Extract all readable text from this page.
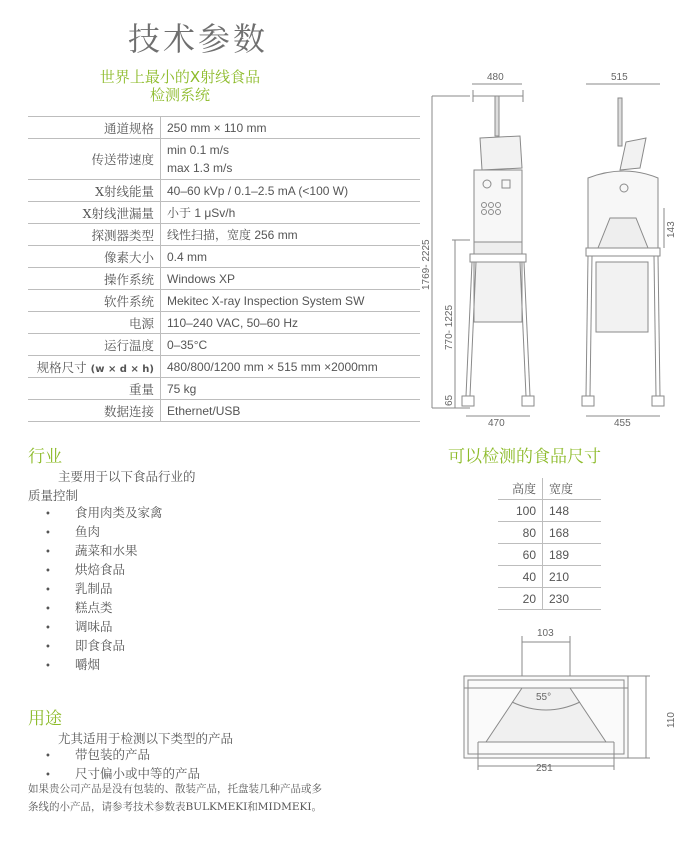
技术参数
世界上最小的X射线食品
检测系统
通道规格	250 mm × 110 mm
传送带速度	min 0.1 m/s
max 1.3 m/s

X射线能量	40–60 kVp / 0.1–2.5 mA (<100 W)
X射线泄漏量	小于 1 μSv/h
探测器类型	线性扫描，宽度 256 mm
像素大小	0.4 mm
操作系统	Windows XP
软件系统	Mekitec X-ray Inspection System SW
电源	110–240 VAC, 50–60 Hz
运行温度	0–35°C
规格尺寸 (w × d × h)	480/800/1200 mm × 515 mm ×2000mm
重量	75 kg
数据连接	Ethernet/USB
行业
主要用于以下食品行业的
质量控制
• 食用肉类及家禽
• 鱼肉
• 蔬菜和水果
• 烘焙食品
• 乳制品
• 糕点类
• 调味品
• 即食食品
• 嚼烟
用途
尤其适用于检测以下类型的产品
• 带包装的产品
• 尺寸偏小或中等的产品
如果贵公司产品是没有包装的、散装产品，托盘装几种产品或多条线的小产品，请参考技术参数表BULKMEKI和MIDMEKI。
可以检测的食品尺寸
高度	宽度
100	148
80	168
60	189
40	210
20	230
480	515
1769- 2225
770- 1225
65
470	455
143
103
55°
110
251
